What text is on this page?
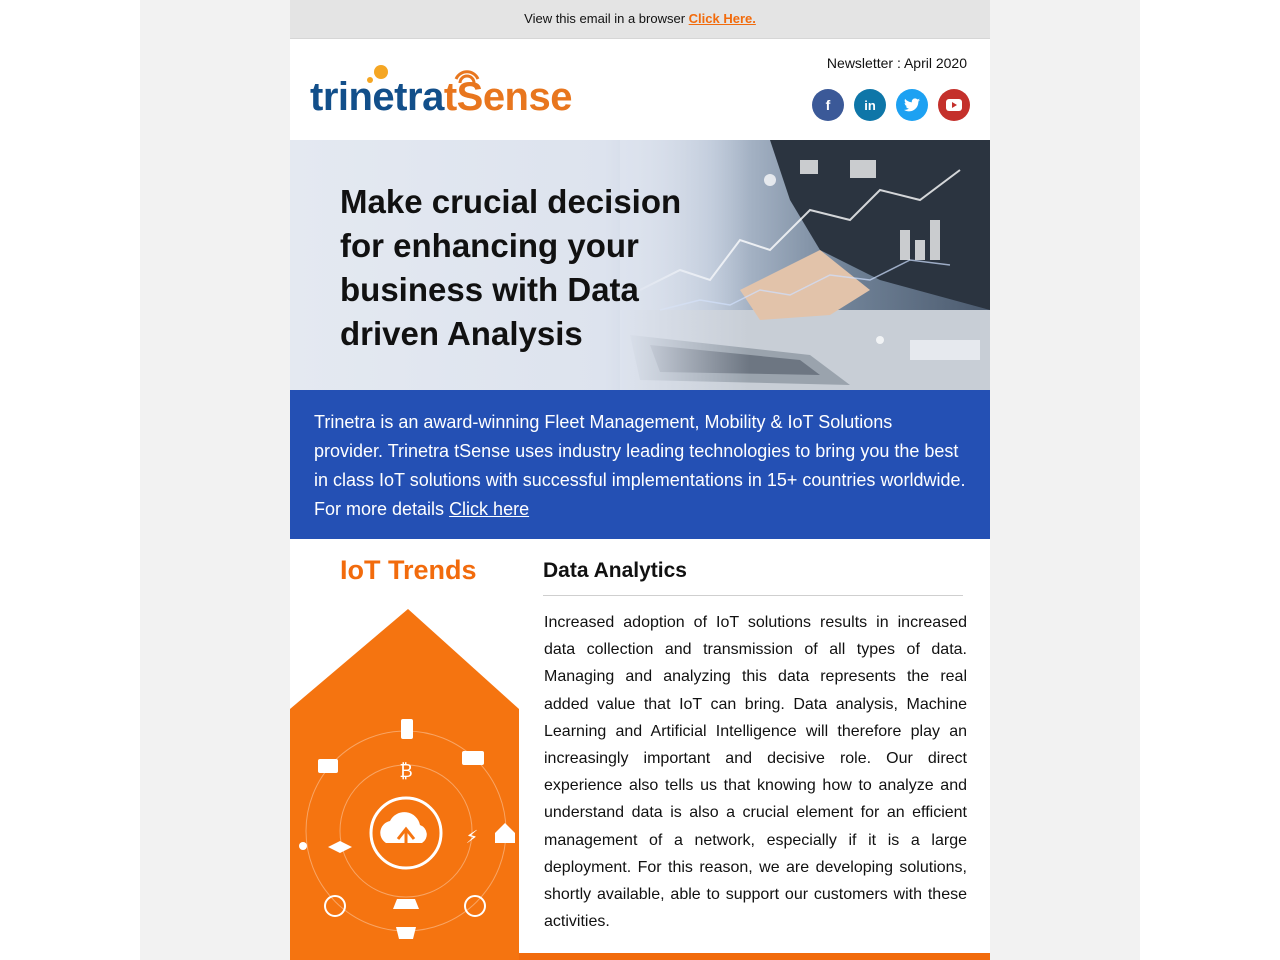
View this email in a browser Click Here.
trinetratSense
Newsletter : April 2020
f	in
Make crucial decision for enhancing your business with Data driven Analysis
Trinetra is an award-winning Fleet Management, Mobility & IoT Solutions provider. Trinetra tSense uses industry leading technologies to bring you the best in class IoT solutions with successful implementations in 15+ countries worldwide. For more details Click here
IoT Trends
₿
⚡
Data Analytics
Increased adoption of IoT solutions results in increased data collection and transmission of all types of data. Managing and analyzing this data represents the real added value that IoT can bring. Data analysis, Machine Learning and Artificial Intelligence will therefore play an increasingly important and decisive role. Our direct experience also tells us that knowing how to analyze and understand data is also a crucial element for an efficient management of a network, especially if it is a large deployment. For this reason, we are developing solutions, shortly available, able to support our customers with these activities.
